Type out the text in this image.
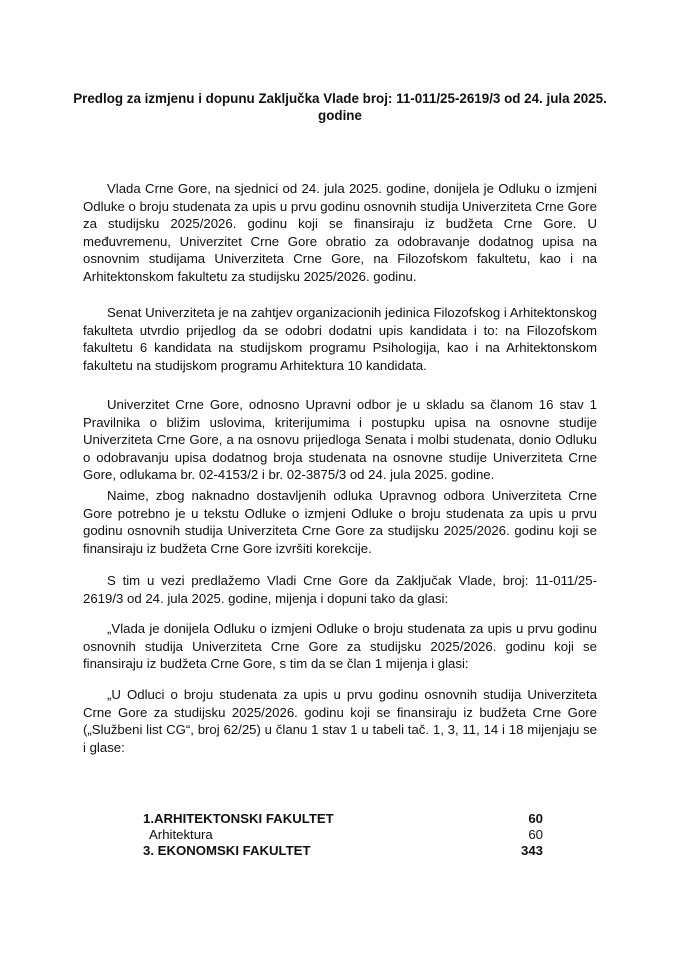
Predlog za izmjenu i dopunu Zaključka Vlade broj: 11-011/25-2619/3 od 24. jula 2025. godine

Vlada Crne Gore, na sjednici od 24. jula 2025. godine, donijela je Odluku o izmjeni Odluke o broju studenata za upis u prvu godinu osnovnih studija Univerziteta Crne Gore za studijsku 2025/2026. godinu koji se finansiraju iz budžeta Crne Gore. U međuvremenu, Univerzitet Crne Gore obratio za odobravanje dodatnog upisa na osnovnim studijama Univerziteta Crne Gore, na Filozofskom fakultetu, kao i na Arhitektonskom fakultetu za studijsku 2025/2026. godinu.

Senat Univerziteta je na zahtjev organizacionih jedinica Filozofskog i Arhitektonskog fakulteta utvrdio prijedlog da se odobri dodatni upis kandidata i to: na Filozofskom fakultetu 6 kandidata na studijskom programu Psihologija, kao i na Arhitektonskom fakultetu na studijskom programu Arhitektura 10 kandidata.

Univerzitet Crne Gore, odnosno Upravni odbor je u skladu sa članom 16 stav 1 Pravilnika o bližim uslovima, kriterijumima i postupku upisa na osnovne studije Univerziteta Crne Gore, a na osnovu prijedloga Senata i molbi studenata, donio Odluku o odobravanju upisa dodatnog broja studenata na osnovne studije Univerziteta Crne Gore, odlukama br. 02-4153/2 i br. 02-3875/3 od 24. jula 2025. godine.

Naime, zbog naknadno dostavljenih odluka Upravnog odbora Univerziteta Crne Gore potrebno je u tekstu Odluke o izmjeni Odluke o broju studenata za upis u prvu godinu osnovnih studija Univerziteta Crne Gore za studijsku 2025/2026. godinu koji se finansiraju iz budžeta Crne Gore izvršiti korekcije.

S tim u vezi predlažemo Vladi Crne Gore da Zaključak Vlade, broj: 11-011/25-2619/3 od 24. jula 2025. godine, mijenja i dopuni tako da glasi:

„Vlada je donijela Odluku o izmjeni Odluke o broju studenata za upis u prvu godinu osnovnih studija Univerziteta Crne Gore za studijsku 2025/2026. godinu koji se finansiraju iz budžeta Crne Gore, s tim da se član 1 mijenja i glasi:

„U Odluci o broju studenata za upis u prvu godinu osnovnih studija Univerziteta Crne Gore za studijsku 2025/2026. godinu koji se finansiraju iz budžeta Crne Gore („Službeni list CG“, broj 62/25) u članu 1 stav 1 u tabeli tač. 1, 3, 11, 14 i 18 mijenjaju se i glase:

1.ARHITEKTONSKI FAKULTET	60
Arhitektura	60
3. EKONOMSKI FAKULTET	343
